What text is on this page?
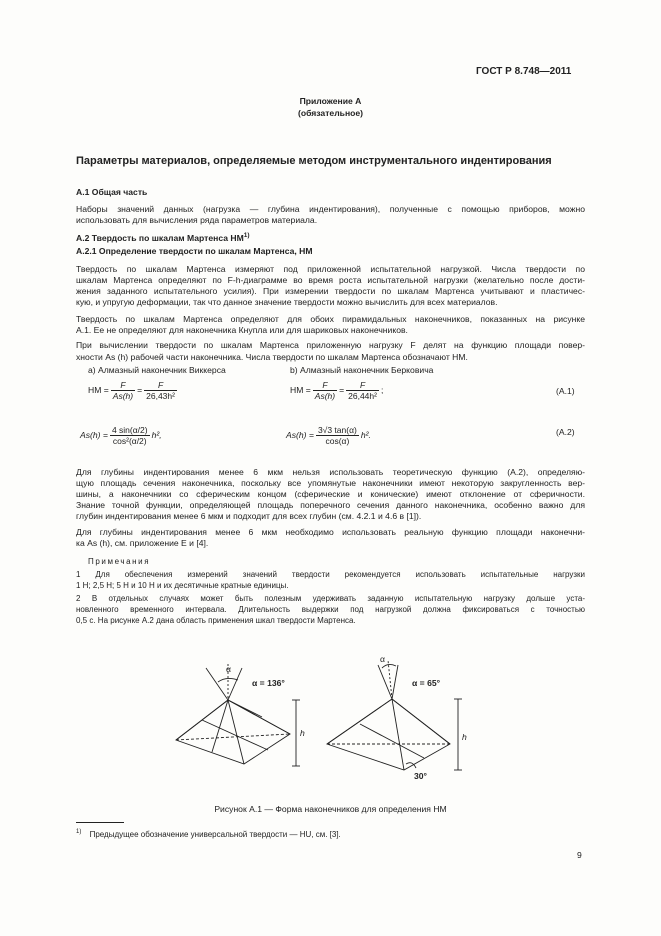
ГОСТ Р 8.748—2011
Приложение А
(обязательное)
Параметры материалов, определяемые методом инструментального индентирования
А.1 Общая часть
Наборы значений данных (нагрузка — глубина индентирования), полученные с помощью приборов, можно
использовать для вычисления ряда параметров материала.
А.2 Твердость по шкалам Мартенса HM$^{1)}$
А.2.1 Определение твердости по шкалам Мартенса, HM
Твердость по шкалам Мартенса измеряют под приложенной испытательной нагрузкой. Числа твердости по
шкалам Мартенса определяют по F-h-диаграмме во время роста испытательной нагрузки (желательно после дости-
жения заданного испытательного усилия). При измерении твердости по шкалам Мартенса учитывают и пластичес-
кую, и упругую деформации, так что данное значение твердости можно вычислить для всех материалов.
Твердость по шкалам Мартенса определяют для обоих пирамидальных наконечников, показанных на рисунке
А.1. Ее не определяют для наконечника Кнупла или для шариковых наконечников.
При вычислении твердости по шкалам Мартенса приложенную нагрузку F делят на функцию площади повер-
хности As (h) рабочей части наконечника. Числа твердости по шкалам Мартенса обозначают HM.
а) Алмазный наконечник Виккерса	b) Алмазный наконечник Берковича
HM = $\frac{F}{As(h)} = \frac{F}{\text{26,43h²}}$	HM = $\frac{F}{As(h)} = \frac{F}{\text{26,44h²}}$ ;	(А.1)
$As(h) = \frac{4 \sin(\alpha/2)}{\text{cos²(α/2)}} h^2$,	$As(h) = \frac{3√3 \tan(\alpha)}{\cos(\alpha)} h^2$.	(А.2)
Для глубины индентирования менее 6 мкм нельзя использовать теоретическую функцию (А.2), определяю-
щую площадь сечения наконечника, поскольку все упомянутые наконечники имеют некоторую закругленность вер-
шины, а наконечники со сферическим концом (сферические и конические) имеют отклонение от сферичности.
Знание точной функции, определяющей площадь поперечного сечения данного наконечника, особенно важно для
глубин индентирования менее 6 мкм и подходит для всех глубин (см. 4.2.1 и 4.6 в [1]).
Для глубины индентирования менее 6 мкм необходимо использовать реальную функцию площади наконечни-
ка As (h), см. приложение Е и [4].
Примечания
1 Для обеспечения измерений значений твердости рекомендуется использовать испытательные нагрузки
1 Н; 2,5 Н; 5 Н и 10 Н и их десятичные кратные единицы.
2 В отдельных случаях может быть полезным удерживать заданную испытательную нагрузку дольше уста-
новленного временного интервала. Длительность выдержки под нагрузкой должна фиксироваться с точностью
0,5 с. На рисунке А.2 дана область применения шкал твердости Мартенса.
α
α = 136°
h
α
α = 65°
h
30°
Рисунок А.1 — Форма наконечников для определения HM
$^{1)}$ Предыдущее обозначение универсальной твердости — HU, см. [3].
9
